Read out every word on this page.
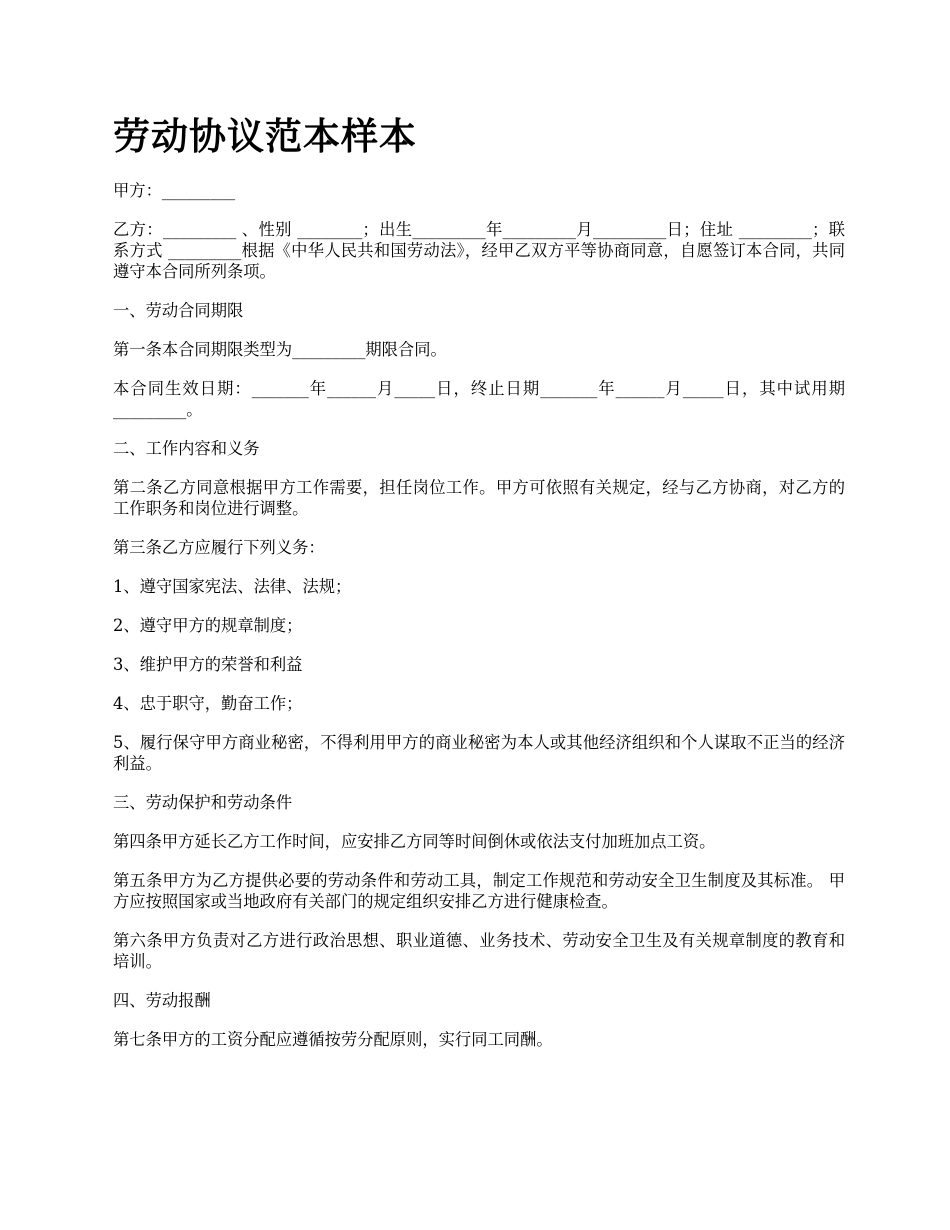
劳动协议范本样本

甲方：_________

乙方：_________ 、性别 ________；出生_________年_________月_________日；住址 _________；联系方式 _________根据《中华人民共和国劳动法》，经甲乙双方平等协商同意，自愿签订本合同，共同遵守本合同所列条项。

一、劳动合同期限

第一条本合同期限类型为_________期限合同。

本合同生效日期：_______年______月_____日，终止日期_______年______月_____日，其中试用期_________。

二、工作内容和义务

第二条乙方同意根据甲方工作需要，担任岗位工作。甲方可依照有关规定，经与乙方协商，对乙方的工作职务和岗位进行调整。

第三条乙方应履行下列义务：

1、遵守国家宪法、法律、法规；

2、遵守甲方的规章制度；

3、维护甲方的荣誉和利益

4、忠于职守，勤奋工作；

5、履行保守甲方商业秘密，不得利用甲方的商业秘密为本人或其他经济组织和个人谋取不正当的经济利益。

三、劳动保护和劳动条件

第四条甲方延长乙方工作时间，应安排乙方同等时间倒休或依法支付加班加点工资。

第五条甲方为乙方提供必要的劳动条件和劳动工具，制定工作规范和劳动安全卫生制度及其标准。 甲方应按照国家或当地政府有关部门的规定组织安排乙方进行健康检查。

第六条甲方负责对乙方进行政治思想、职业道德、业务技术、劳动安全卫生及有关规章制度的教育和培训。

四、劳动报酬

第七条甲方的工资分配应遵循按劳分配原则，实行同工同酬。
